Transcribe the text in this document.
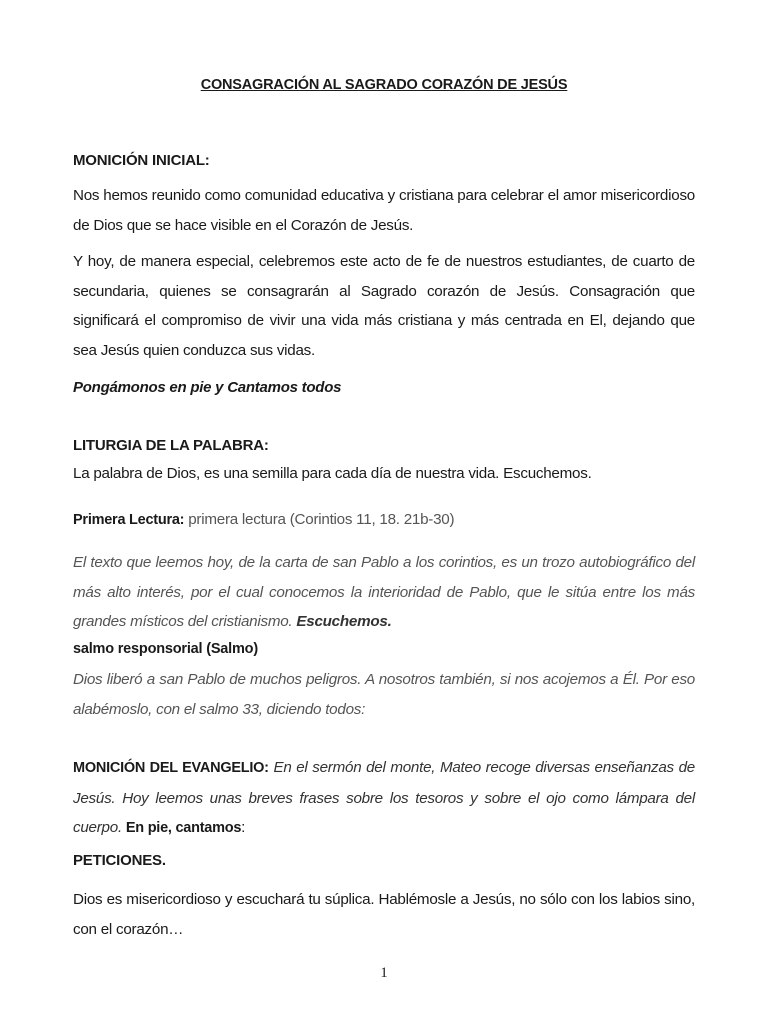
CONSAGRACIÓN AL SAGRADO CORAZÓN DE JESÚS
MONICIÓN INICIAL:
Nos hemos reunido como comunidad educativa y cristiana para celebrar el amor misericordioso de Dios que se hace visible en el Corazón de Jesús.
Y hoy, de manera especial, celebremos este acto de fe de nuestros estudiantes, de cuarto de secundaria, quienes se consagrarán al Sagrado corazón de Jesús. Consagración que significará el compromiso de vivir una vida más cristiana y más centrada en El, dejando que sea Jesús quien conduzca sus vidas.
Pongámonos en pie y Cantamos todos
LITURGIA DE LA PALABRA:
La palabra de Dios, es una semilla para cada día de nuestra vida. Escuchemos.
Primera Lectura: primera lectura (Corintios 11, 18. 21b-30)
El texto que leemos hoy, de la carta de san Pablo a los corintios, es un trozo autobiográfico del más alto interés, por el cual conocemos la interioridad de Pablo, que le sitúa entre los más grandes místicos del cristianismo. Escuchemos.
salmo responsorial (Salmo)
Dios liberó a san Pablo de muchos peligros. A nosotros también, si nos acojemos a Él. Por eso alabémoslo, con el salmo 33, diciendo todos:
MONICIÓN DEL EVANGELIO: En el sermón del monte, Mateo recoge diversas enseñanzas de Jesús. Hoy leemos unas breves frases sobre los tesoros y sobre el ojo como lámpara del cuerpo. En pie, cantamos:
PETICIONES.
Dios es misericordioso y escuchará tu súplica. Hablémosle a Jesús, no sólo con los labios sino, con el corazón…
1
